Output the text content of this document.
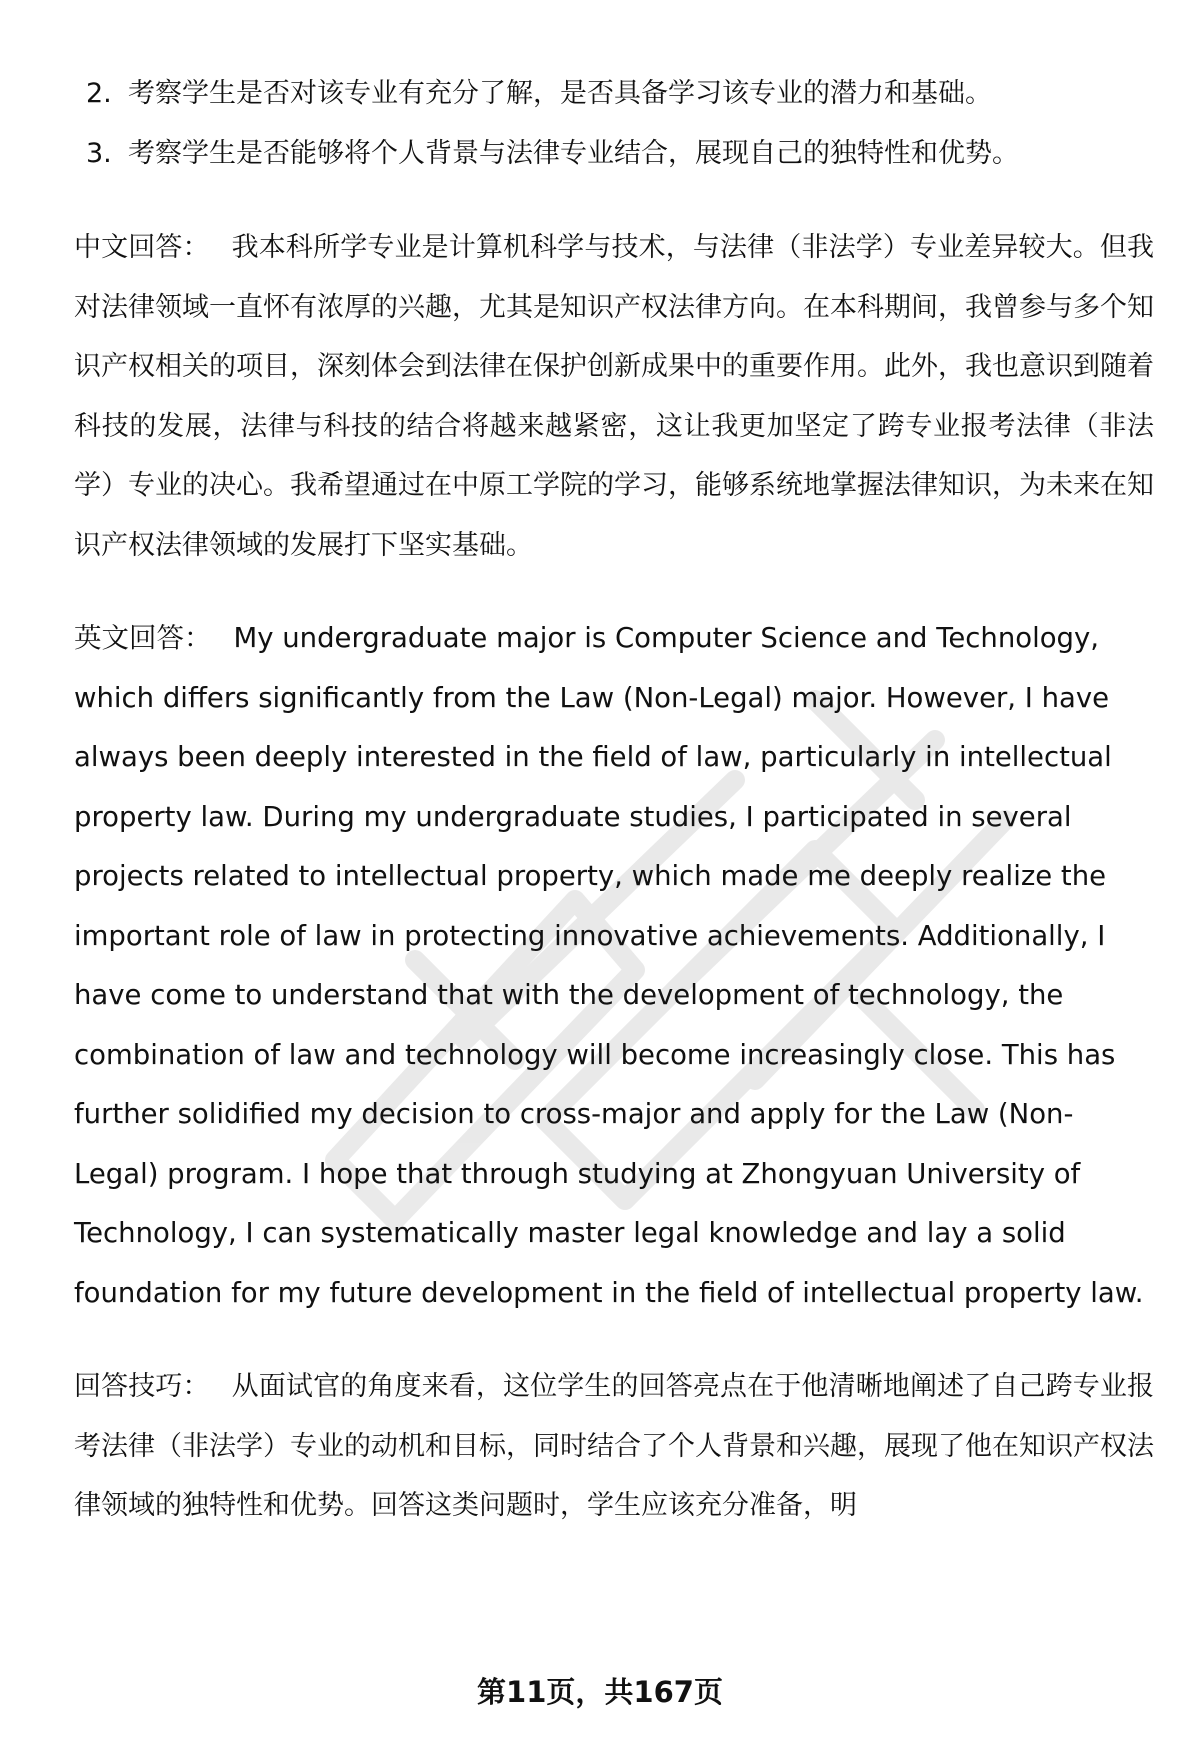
2. 考察学生是否对该专业有充分了解，是否具备学习该专业的潜力和基础。
3. 考察学生是否能够将个人背景与法律专业结合，展现自己的独特性和优势。

中文回答： 我本科所学专业是计算机科学与技术，与法律（非法学）专业差异较大。但我对法律领域一直怀有浓厚的兴趣，尤其是知识产权法律方向。在本科期间，我曾参与多个知识产权相关的项目，深刻体会到法律在保护创新成果中的重要作用。此外，我也意识到随着科技的发展，法律与科技的结合将越来越紧密，这让我更加坚定了跨专业报考法律（非法学）专业的决心。我希望通过在中原工学院的学习，能够系统地掌握法律知识，为未来在知识产权法律领域的发展打下坚实基础。

英文回答： My undergraduate major is Computer Science and Technology, which differs significantly from the Law (Non-Legal) major. However, I have always been deeply interested in the field of law, particularly in intellectual property law. During my undergraduate studies, I participated in several projects related to intellectual property, which made me deeply realize the important role of law in protecting innovative achievements. Additionally, I have come to understand that with the development of technology, the combination of law and technology will become increasingly close. This has further solidified my decision to cross-major and apply for the Law (Non-Legal) program. I hope that through studying at Zhongyuan University of Technology, I can systematically master legal knowledge and lay a solid foundation for my future development in the field of intellectual property law.

回答技巧： 从面试官的角度来看，这位学生的回答亮点在于他清晰地阐述了自己跨专业报考法律（非法学）专业的动机和目标，同时结合了个人背景和兴趣，展现了他在知识产权法律领域的独特性和优势。回答这类问题时，学生应该充分准备，明

第11页，共167页
